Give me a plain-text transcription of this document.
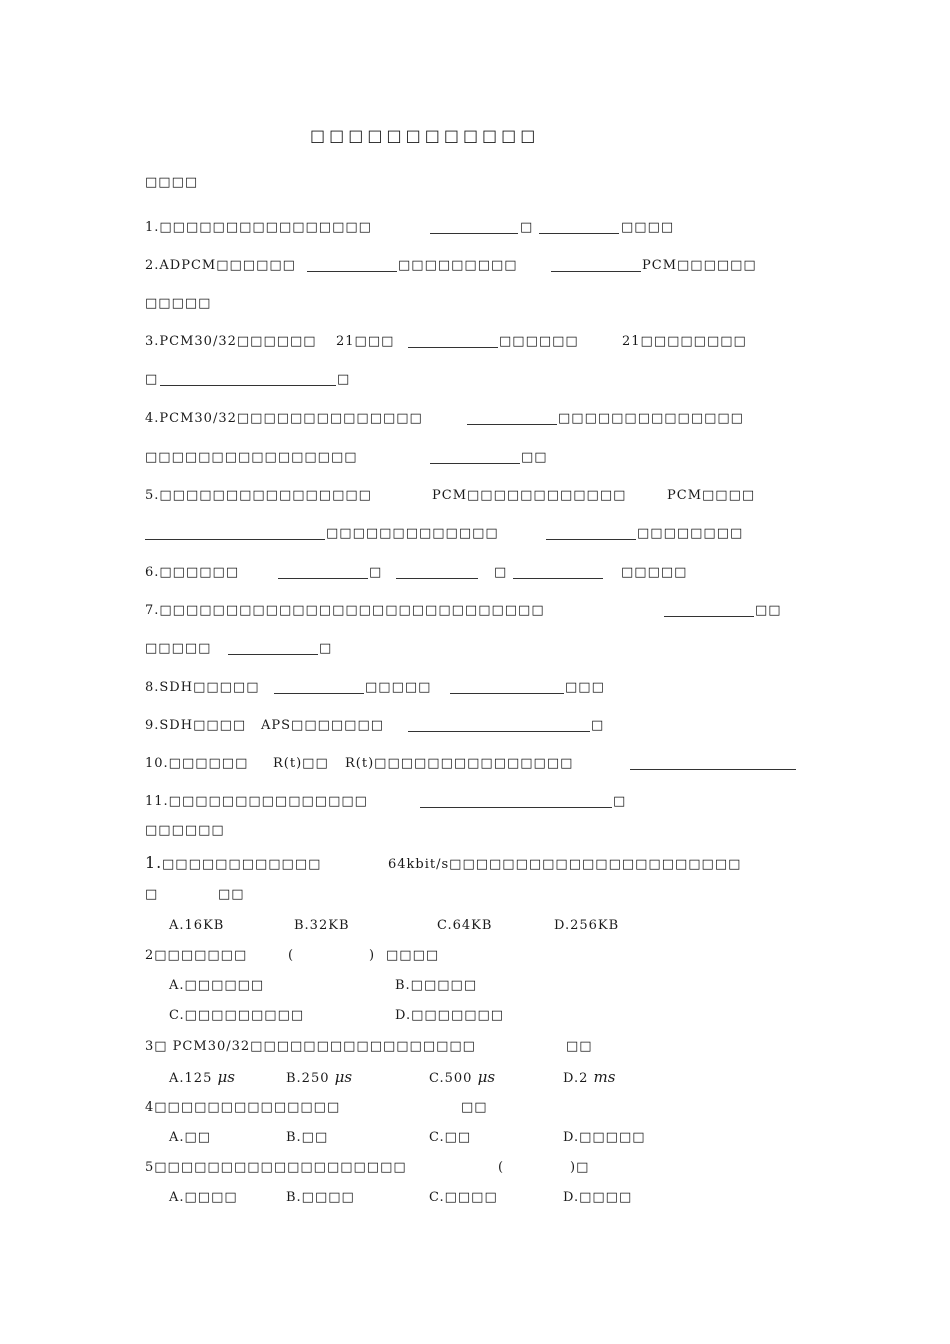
□□□□□□□□□□□□
□□□□
1.□□□□□□□□□□□□□□□□	□	□□□□
2.ADPCM□□□□□□	□□□□□□□□□	PCM□□□□□□
□□□□□
3.PCM30/32□□□□□□ 21□□□	□□□□□□	21□□□□□□□□
□	□
4.PCM30/32□□□□□□□□□□□□□□	□□□□□□□□□□□□□□
□□□□□□□□□□□□□□□□	□□
5.□□□□□□□□□□□□□□□□	PCM□□□□□□□□□□□□	PCM□□□□
□□□□□□□□□□□□□	□□□□□□□□
6.□□□□□□	□	□	□□□□□
7.□□□□□□□□□□□□□□□□□□□□□□□□□□□□□	□□
□□□□□	□
8.SDH□□□□□	□□□□□	□□□
9.SDH□□□□ APS□□□□□□□	□
10.□□□□□□ R(t)□□ R(t)□□□□□□□□□□□□□□□
11.□□□□□□□□□□□□□□□	□
□□□□□□
1. □□□□□□□□□□□□	64kbit/s□□□□□□□□□□□□□□□□□□□□□□
□	□□
A.16KB	B.32KB	C.64KB	D.256KB
2□□□□□□□	(	) □□□□
A.□□□□□□	B.□□□□□
C.□□□□□□□□□	D.□□□□□□□
3□ PCM30/32□□□□□□□□□□□□□□□□□	□□
A.125 μs	B.250 μs	C.500 μs	D.2 ms
4□□□□□□□□□□□□□□	□□
A.□□	B.□□	C.□□	D.□□□□□
5□□□□□□□□□□□□□□□□□□□	(	)□
A.□□□□	B.□□□□	C.□□□□	D.□□□□
